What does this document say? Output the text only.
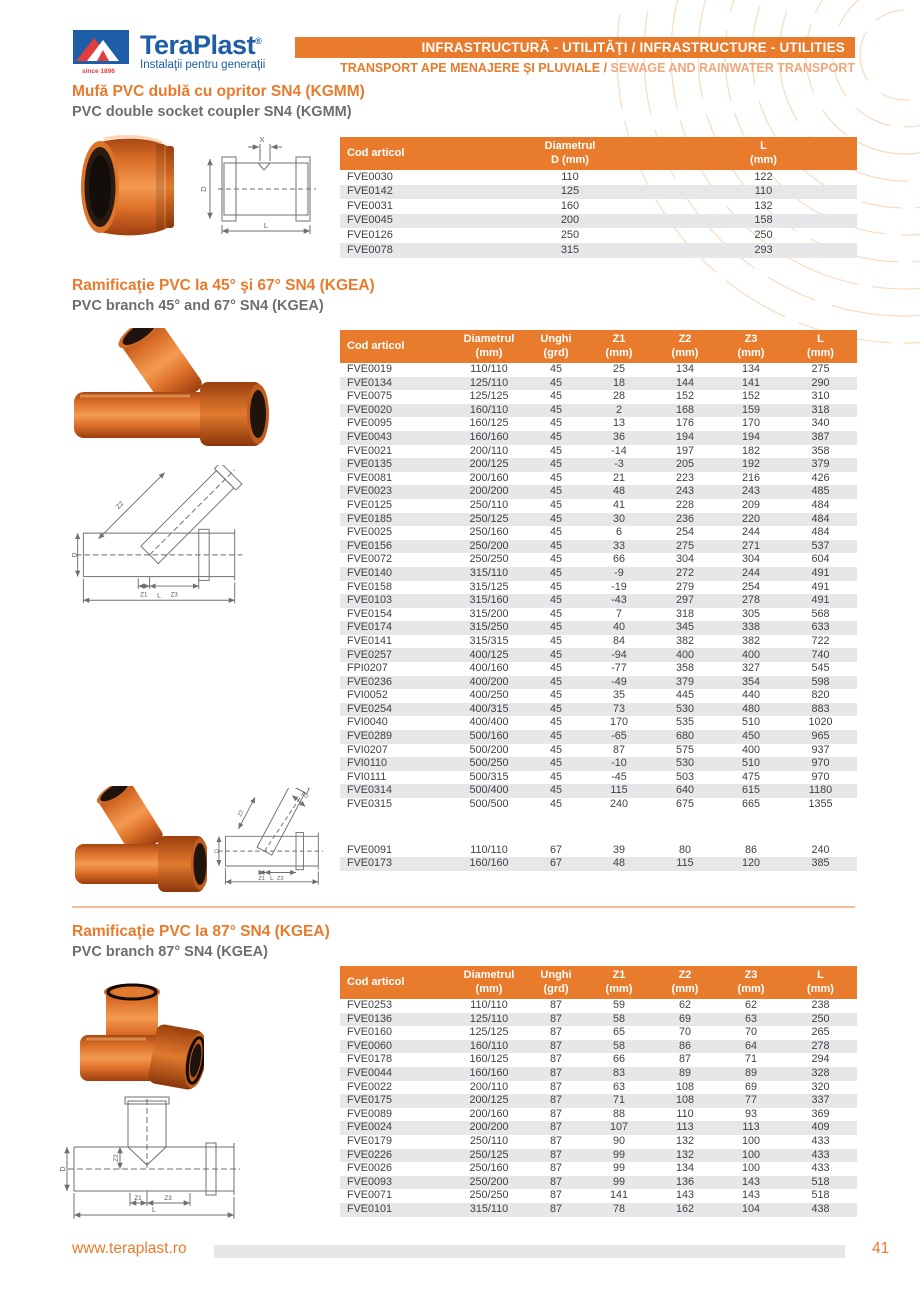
since 1896
TeraPlast®
Instalaţii pentru generaţii
INFRASTRUCTURĂ - UTILITĂŢI / INFRASTRUCTURE - UTILITIES
TRANSPORT APE MENAJERE ŞI PLUVIALE / SEWAGE AND RAINWATER TRANSPORT
Mufă PVC dublă cu opritor SN4 (KGMM)
PVC double socket coupler SN4 (KGMM)
X
D
L
Cod articol

Diametrul
D (mm)

L
(mm)

FVE0030	110	122
FVE0142	125	110
FVE0031	160	132
FVE0045	200	158
FVE0126	250	250
FVE0078	315	293
Ramificaţie PVC la 45° şi 67° SN4 (KGEA)
PVC branch 45° and 67° SN4 (KGEA)
Z2
D
Z1	Z3
L
Cod articol

Diametrul
(mm)

Unghi
(grd)

Z1
(mm)

Z2
(mm)

Z3
(mm)

L
(mm)

FVE0019	110/110	45	25	134	134	275
FVE0134	125/110	45	18	144	141	290
FVE0075	125/125	45	28	152	152	310
FVE0020	160/110	45	2	168	159	318
FVE0095	160/125	45	13	176	170	340
FVE0043	160/160	45	36	194	194	387
FVE0021	200/110	45	-14	197	182	358
FVE0135	200/125	45	-3	205	192	379
FVE0081	200/160	45	21	223	216	426
FVE0023	200/200	45	48	243	243	485
FVE0125	250/110	45	41	228	209	484
FVE0185	250/125	45	30	236	220	484
FVE0025	250/160	45	6	254	244	484
FVE0156	250/200	45	33	275	271	537
FVE0072	250/250	45	66	304	304	604
FVE0140	315/110	45	-9	272	244	491
FVE0158	315/125	45	-19	279	254	491
FVE0103	315/160	45	-43	297	278	491
FVE0154	315/200	45	7	318	305	568
FVE0174	315/250	45	40	345	338	633
FVE0141	315/315	45	84	382	382	722
FVE0257	400/125	45	-94	400	400	740
FPI0207	400/160	45	-77	358	327	545
FVE0236	400/200	45	-49	379	354	598
FVI0052	400/250	45	35	445	440	820
FVE0254	400/315	45	73	530	480	883
FVI0040	400/400	45	170	535	510	1020
FVE0289	500/160	45	-65	680	450	965
FVI0207	500/200	45	87	575	400	937
FVI0110	500/250	45	-10	530	510	970
FVI0111	500/315	45	-45	503	475	970
FVE0314	500/400	45	115	640	615	1180
FVE0315	500/500	45	240	675	665	1355

FVE0091	110/110	67	39	80	86	240
FVE0173	160/160	67	48	115	120	385
Z2
D
D
Z1 Z3
L
Ramificaţie PVC la 87° SN4 (KGEA)
PVC branch 87° SN4 (KGEA)
Z2
D
Z1	Z3
L
Cod articol

Diametrul
(mm)

Unghi
(grd)

Z1
(mm)

Z2
(mm)

Z3
(mm)

L
(mm)

FVE0253	110/110	87	59	62	62	238
FVE0136	125/110	87	58	69	63	250
FVE0160	125/125	87	65	70	70	265
FVE0060	160/110	87	58	86	64	278
FVE0178	160/125	87	66	87	71	294
FVE0044	160/160	87	83	89	89	328
FVE0022	200/110	87	63	108	69	320
FVE0175	200/125	87	71	108	77	337
FVE0089	200/160	87	88	110	93	369
FVE0024	200/200	87	107	113	113	409
FVE0179	250/110	87	90	132	100	433
FVE0226	250/125	87	99	132	100	433
FVE0026	250/160	87	99	134	100	433
FVE0093	250/200	87	99	136	143	518
FVE0071	250/250	87	141	143	143	518
FVE0101	315/110	87	78	162	104	438
www.teraplast.ro	41
